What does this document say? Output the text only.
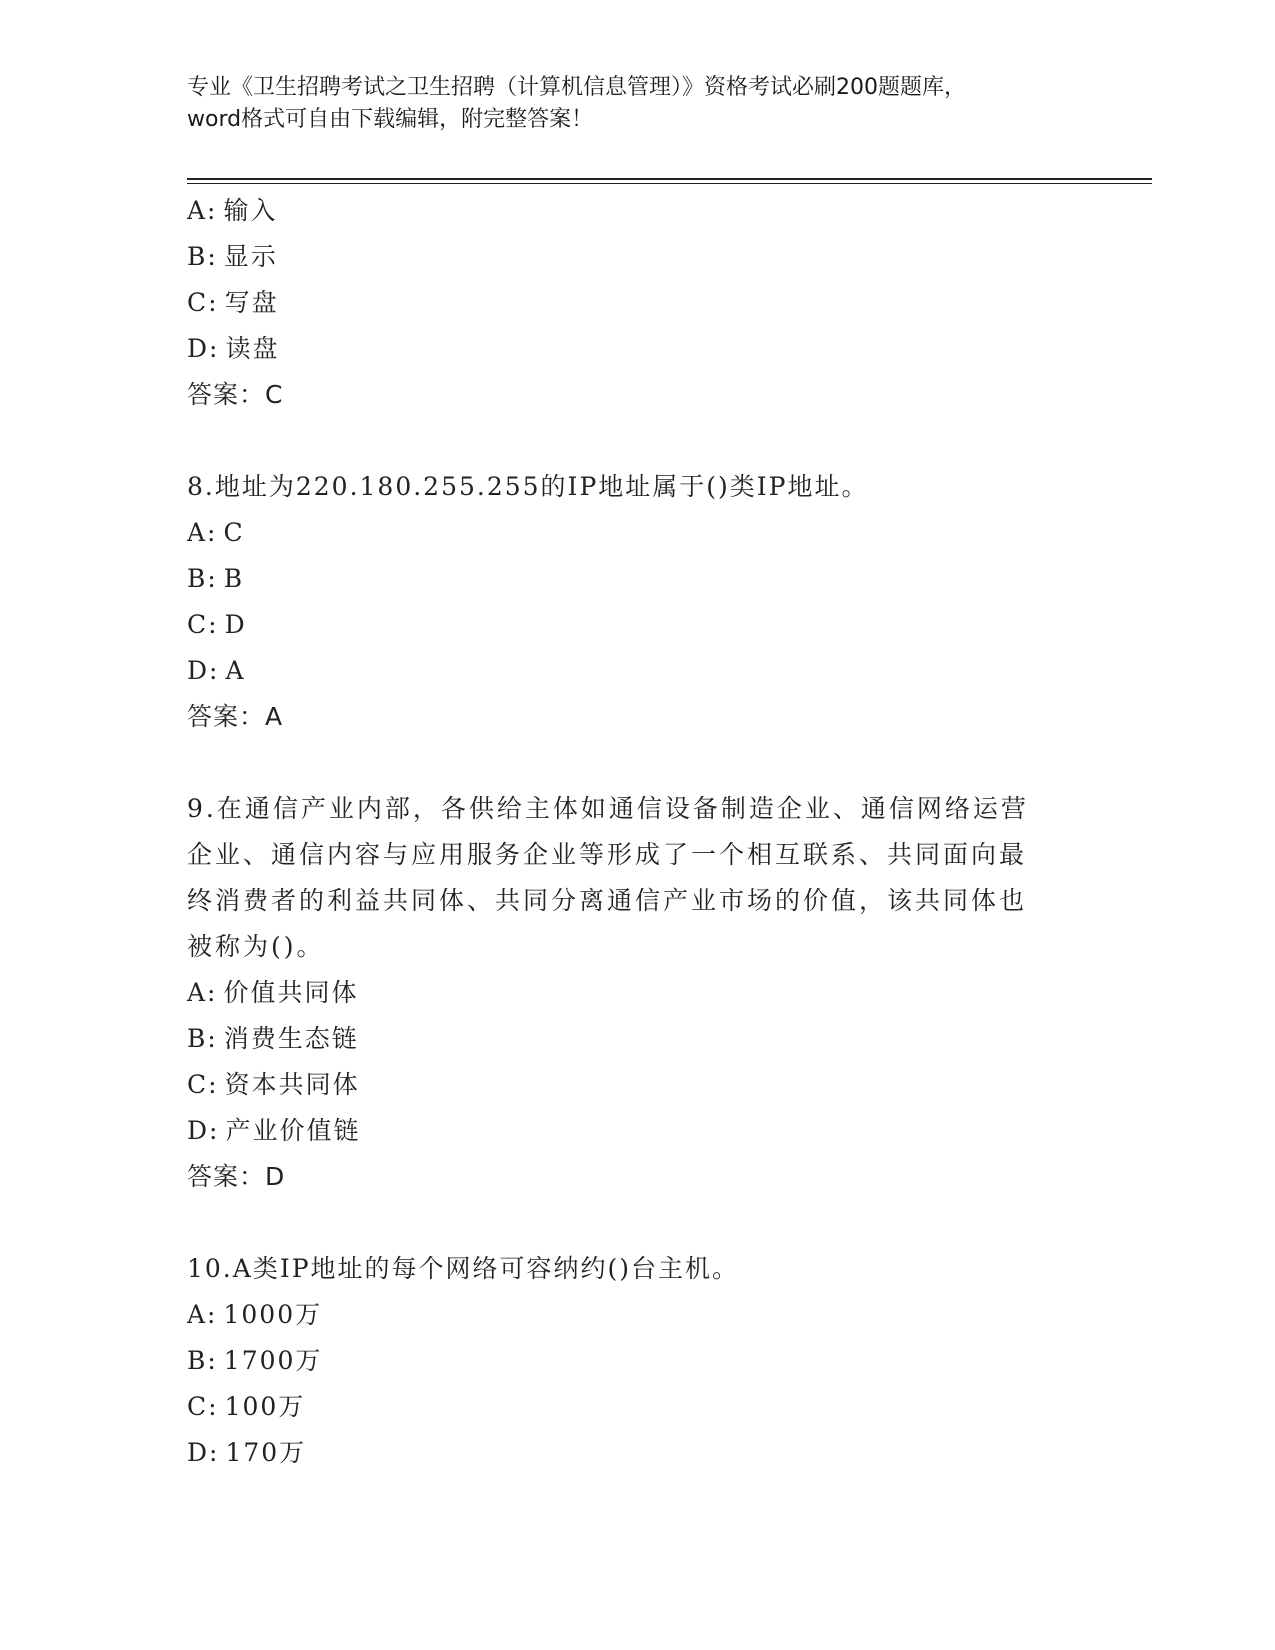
专业《卫生招聘考试之卫生招聘（计算机信息管理）》资格考试必刷200题题库，
word格式可自由下载编辑，附完整答案！
A: 输入
B: 显示
C: 写盘
D: 读盘
答案：C
8.地址为220.180.255.255的IP地址属于()类IP地址。
A: C
B: B
C: D
D: A
答案：A
9.在通信产业内部，各供给主体如通信设备制造企业、通信网络运营
企业、通信内容与应用服务企业等形成了一个相互联系、共同面向最
终消费者的利益共同体、共同分离通信产业市场的价值，该共同体也
被称为()。
A: 价值共同体
B: 消费生态链
C: 资本共同体
D: 产业价值链
答案：D
10.A类IP地址的每个网络可容纳约()台主机。
A: 1000万
B: 1700万
C: 100万
D: 170万
